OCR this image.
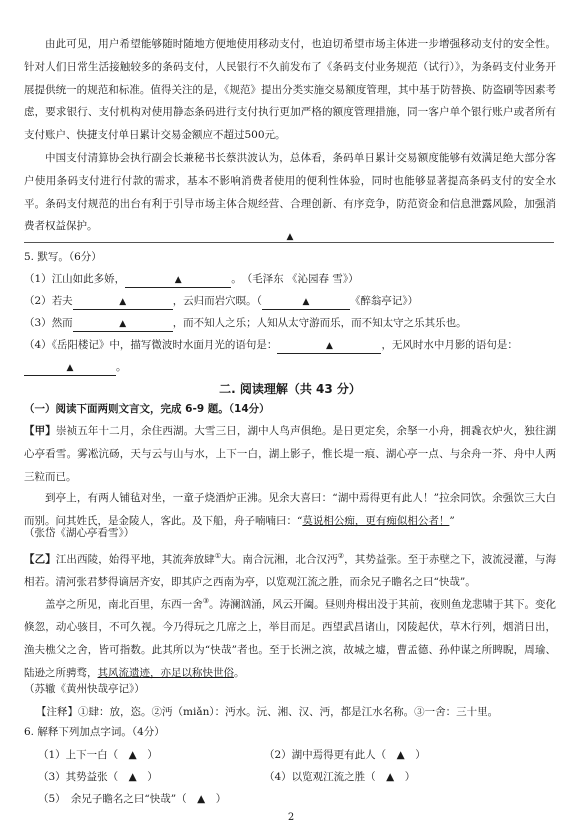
由此可见，用户希望能够随时随地方便地使用移动支付，也迫切希望市场主体进一步增强移动支付的安全性。针对人们日常生活接触较多的条码支付，人民银行不久前发布了《条码支付业务规范（试行）》，为条码支付业务开展提供统一的规范和标准。值得关注的是，《规范》提出分类实施交易额度管理，其中基于防替换、防盗刷等因素考虑，要求银行、支付机构对使用静态条码进行支付执行更加严格的额度管理措施，同一客户单个银行账户或者所有支付账户、快捷支付单日累计交易金额应不超过500元。
中国支付清算协会执行副会长兼秘书长蔡洪波认为，总体看，条码单日累计交易额度能够有效满足绝大部分客户使用条码支付进行付款的需求，基本不影响消费者使用的便利性体验，同时也能够显著提高条码支付的安全水平。条码支付规范的出台有利于引导市场主体合规经营、合理创新、有序竞争，防范资金和信息泄露风险，加强消费者权益保护。
▲
5. 默写。（6分）
（1）江山如此多娇，	▲	。　 （毛泽东 《沁园春 雪》）
（2）若夫	▲	，云归而岩穴暝。（	▲	《醉翁亭记》）
（3）然而	▲	，而不知人之乐；人知从太守游而乐，而不知太守之乐其乐也。
（4）《岳阳楼记》中，描写微波时水面月光的语句是：	▲	，无风时水中月影的语句是：
▲	。
二. 阅读理解（共 43 分）
（一）阅读下面两则文言文，完成 6-9 题。（14分）
【甲】崇祯五年十二月，余住西湖。大雪三日，湖中人鸟声俱绝。是日更定矣，余拏一小舟，拥毳衣炉火，独往湖心亭看雪。雾凇沆砀，天与云与山与水，上下一白，湖上影子，惟长堤一痕、湖心亭一点、与余舟一芥、舟中人两三粒而已。
到亭上，有两人铺毡对坐，一童子烧酒炉正沸。见余大喜曰：“湖中焉得更有此人！”拉余同饮。余强饮三大白而别。问其姓氏，是金陵人，客此。及下船，舟子喃喃曰：“莫说相公痴，更有痴似相公者！”
（张岱《湖心亭看雪》）
【乙】江出西陵，始得平地，其流奔放肆①大。南合沅湘，北合汉沔②，其势益张。至于赤壁之下，波流浸灌，与海相若。清河张君梦得谪居齐安，即其庐之西南为亭，以览观江流之胜，而余兄子瞻名之曰“快哉”。
盖亭之所见，南北百里，东西一舍③。涛澜汹涌，风云开阖。昼则舟楫出没于其前，夜则鱼龙悲啸于其下。变化倏忽，动心骇目，不可久视。今乃得玩之几席之上，举目而足。西望武昌诸山，冈陵起伏，草木行列，烟消日出，渔夫樵父之舍，皆可指数。此其所以为“快哉”者也。至于长洲之滨，故城之墟，曹孟德、孙仲谋之所睥睨，周瑜、陆逊之所骋骛，其风流遗迹，亦足以称快世俗。
（苏辙《黄州快哉亭记》）
【注释】①肆：放，恣。②沔（miǎn）：沔水。沅、湘、汉、沔，都是江水名称。③一舍：三十里。
6. 解释下列加点字词。（4分）
（1）上下一白（　▲　）	（2）湖中焉得更有此人（　▲　）
（3）其势益张（　▲　）	（4）以览观江流之胜（　▲　）
（5）　余兄子瞻名之曰“快哉”（　▲　）
2
